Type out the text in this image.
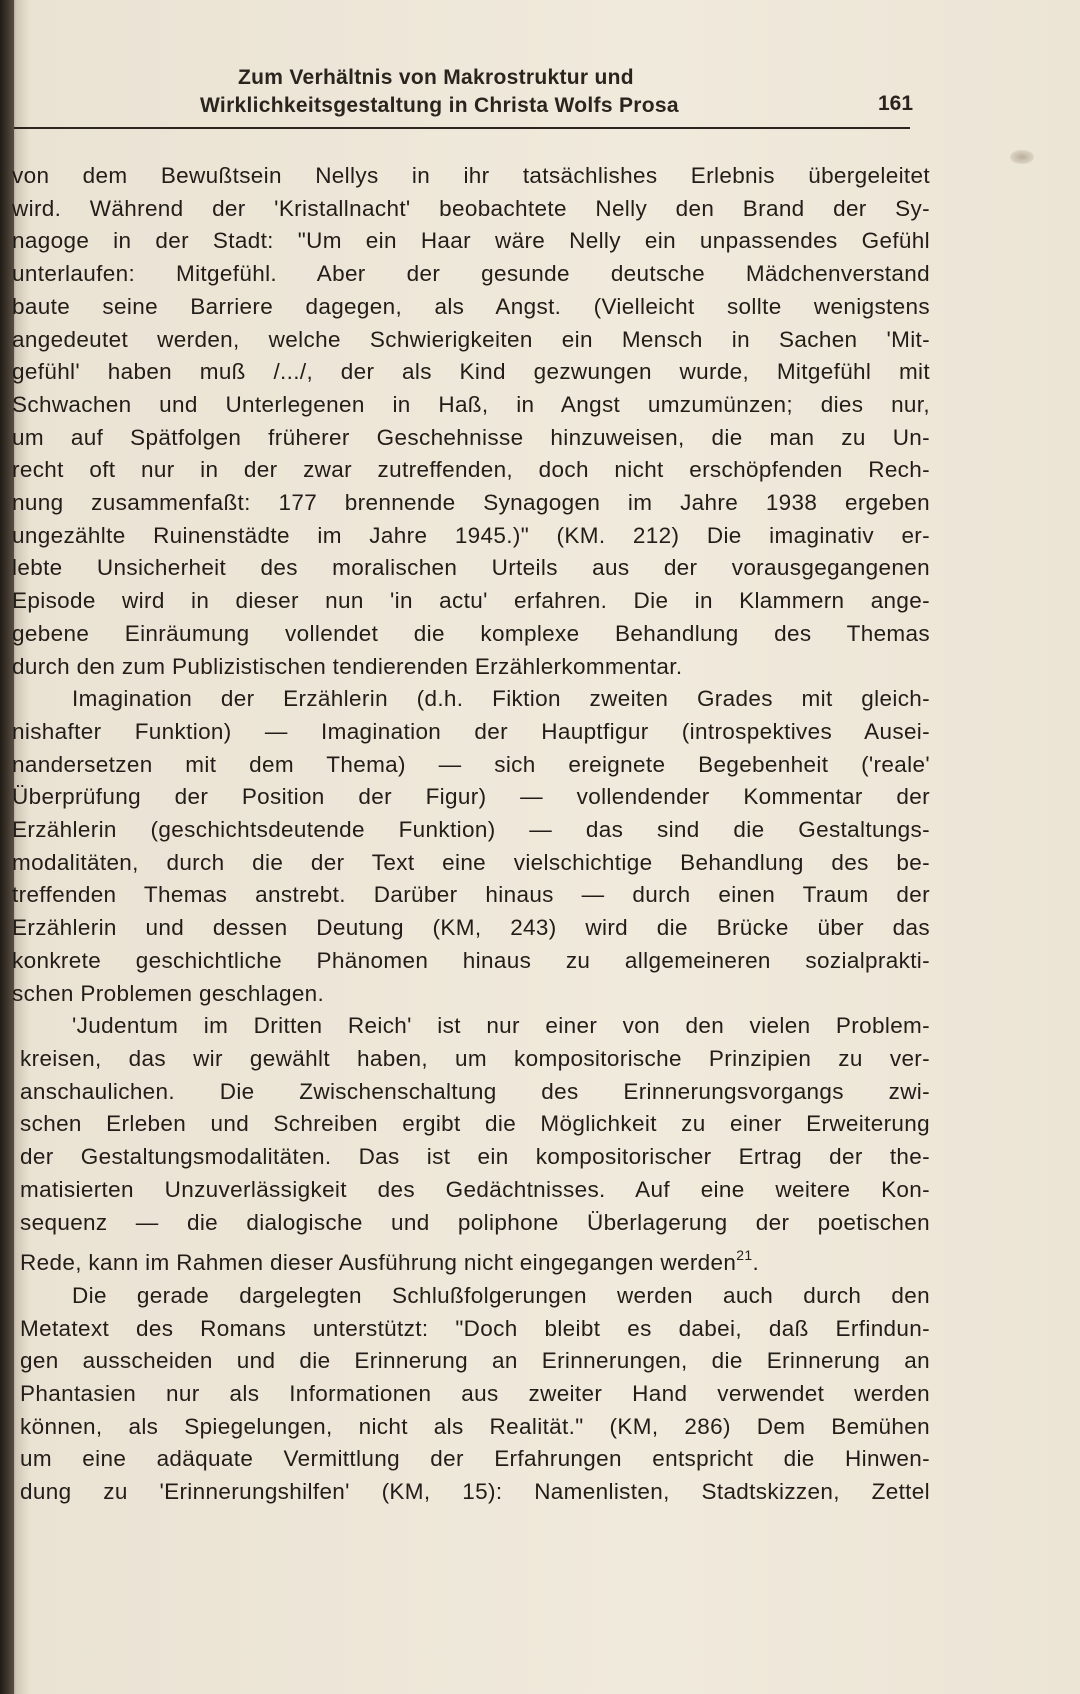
Zum Verhältnis von Makrostruktur und
Wirklichkeitsgestaltung in Christa Wolfs Prosa	161
von dem Bewußtsein Nellys in ihr tatsächlishes Erlebnis übergeleitet
wird. Während der 'Kristallnacht' beobachtete Nelly den Brand der Sy-
nagoge in der Stadt: "Um ein Haar wäre Nelly ein unpassendes Gefühl
unterlaufen: Mitgefühl. Aber der gesunde deutsche Mädchenverstand
baute seine Barriere dagegen, als Angst. (Vielleicht sollte wenigstens
angedeutet werden, welche Schwierigkeiten ein Mensch in Sachen 'Mit-
gefühl' haben muß /.../, der als Kind gezwungen wurde, Mitgefühl mit
Schwachen und Unterlegenen in Haß, in Angst umzumünzen; dies nur,
um auf Spätfolgen früherer Geschehnisse hinzuweisen, die man zu Un-
recht oft nur in der zwar zutreffenden, doch nicht erschöpfenden Rech-
nung zusammenfaßt: 177 brennende Synagogen im Jahre 1938 ergeben
ungezählte Ruinenstädte im Jahre 1945.)" (KM. 212) Die imaginativ er-
lebte Unsicherheit des moralischen Urteils aus der vorausgegangenen
Episode wird in dieser nun 'in actu' erfahren. Die in Klammern ange-
gebene Einräumung vollendet die komplexe Behandlung des Themas
durch den zum Publizistischen tendierenden Erzählerkommentar.
Imagination der Erzählerin (d.h. Fiktion zweiten Grades mit gleich-
nishafter Funktion) — Imagination der Hauptfigur (introspektives Ausei-
nandersetzen mit dem Thema) — sich ereignete Begebenheit ('reale'
Überprüfung der Position der Figur) — vollendender Kommentar der
Erzählerin (geschichtsdeutende Funktion) — das sind die Gestaltungs-
modalitäten, durch die der Text eine vielschichtige Behandlung des be-
treffenden Themas anstrebt. Darüber hinaus — durch einen Traum der
Erzählerin und dessen Deutung (KM, 243) wird die Brücke über das
konkrete geschichtliche Phänomen hinaus zu allgemeineren sozialprakti-
schen Problemen geschlagen.
'Judentum im Dritten Reich' ist nur einer von den vielen Problem-
kreisen, das wir gewählt haben, um kompositorische Prinzipien zu ver-
anschaulichen. Die Zwischenschaltung des Erinnerungsvorgangs zwi-
schen Erleben und Schreiben ergibt die Möglichkeit zu einer Erweiterung
der Gestaltungsmodalitäten. Das ist ein kompositorischer Ertrag der the-
matisierten Unzuverlässigkeit des Gedächtnisses. Auf eine weitere Kon-
sequenz — die dialogische und poliphone Überlagerung der poetischen
Rede, kann im Rahmen dieser Ausführung nicht eingegangen werden$^{21}$.
Die gerade dargelegten Schlußfolgerungen werden auch durch den
Metatext des Romans unterstützt: "Doch bleibt es dabei, daß Erfindun-
gen ausscheiden und die Erinnerung an Erinnerungen, die Erinnerung an
Phantasien nur als Informationen aus zweiter Hand verwendet werden
können, als Spiegelungen, nicht als Realität." (KM, 286) Dem Bemühen
um eine adäquate Vermittlung der Erfahrungen entspricht die Hinwen-
dung zu 'Erinnerungshilfen' (KM, 15): Namenlisten, Stadtskizzen, Zettel
